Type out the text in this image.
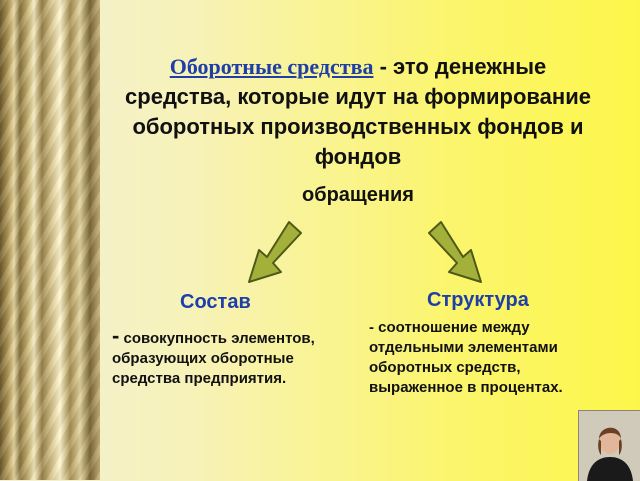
Оборотные средства - это денежные средства, которые идут на формирование оборотных производственных фондов и фондов
обращения
Состав
- совокупность элементов, образующих оборотные средства предприятия.
Структура
- соотношение между отдельными элементами оборотных средств, выраженное в процентах.
